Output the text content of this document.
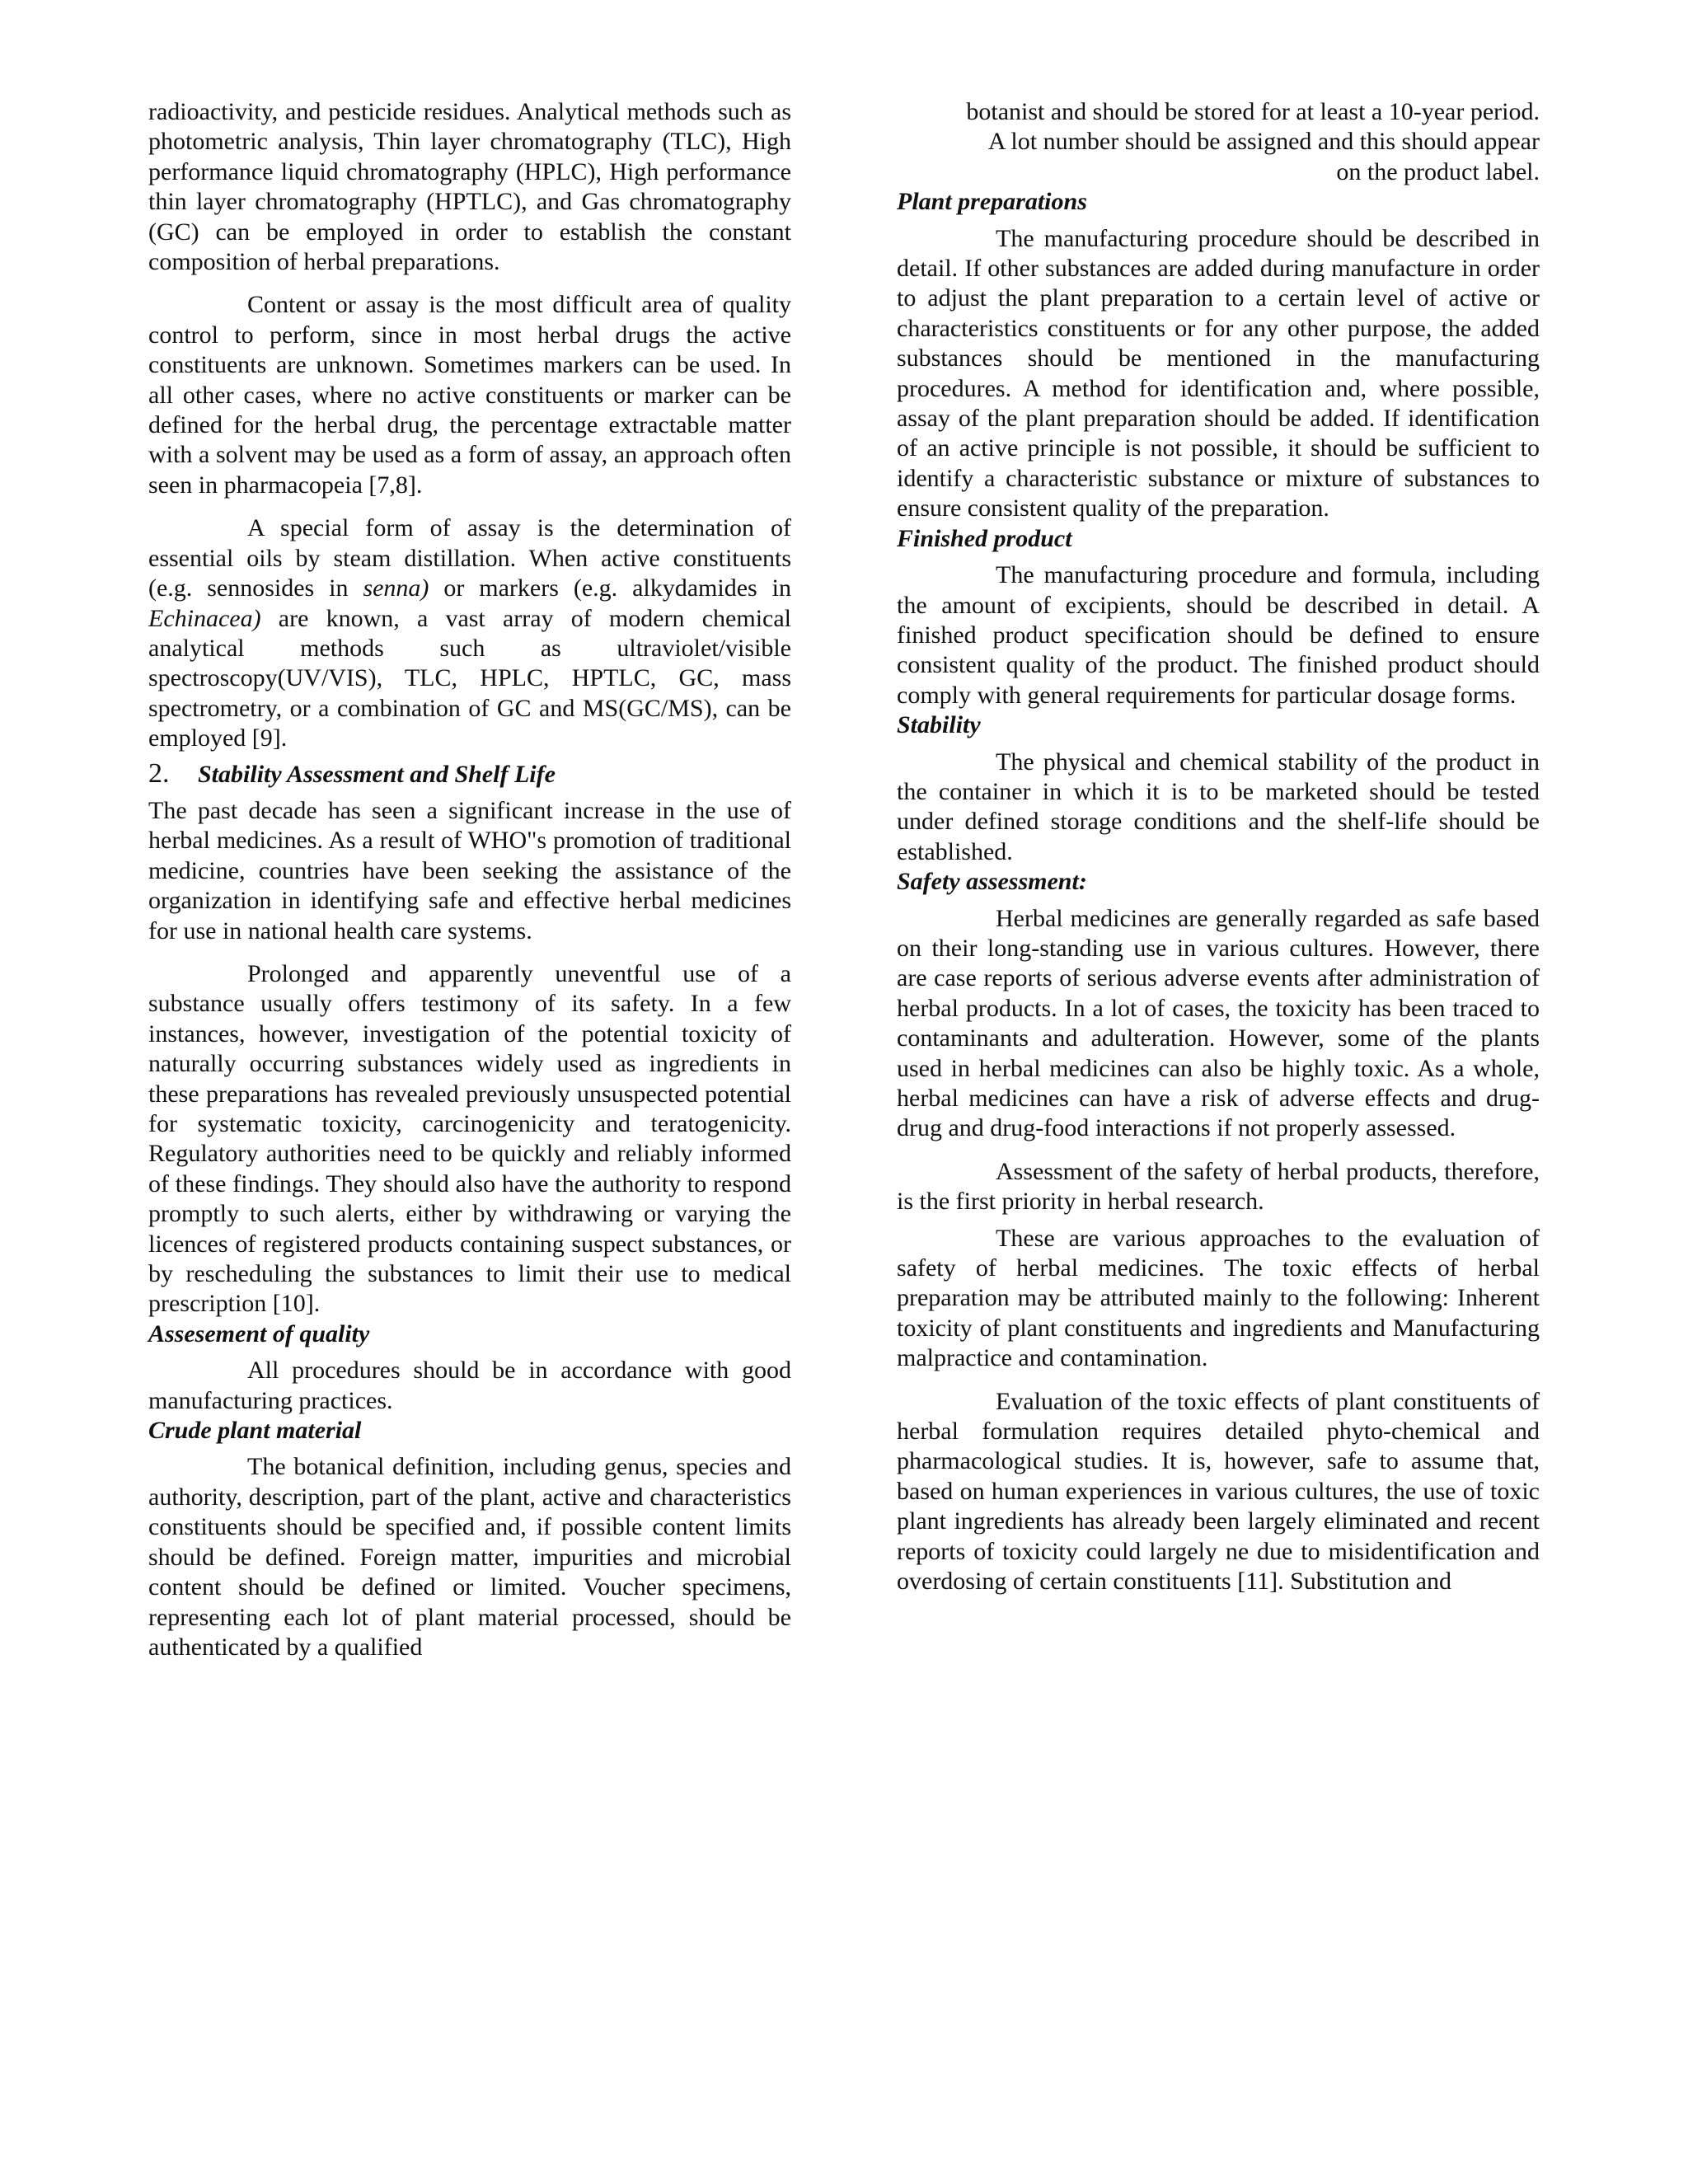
radioactivity, and pesticide residues. Analytical methods such as photometric analysis, Thin layer chromatography (TLC), High performance liquid chromatography (HPLC), High performance thin layer chromatography (HPTLC), and Gas chromatography (GC) can be employed in order to establish the constant composition of herbal preparations.

Content or assay is the most difficult area of quality control to perform, since in most herbal drugs the active constituents are unknown. Sometimes markers can be used. In all other cases, where no active constituents or marker can be defined for the herbal drug, the percentage extractable matter with a solvent may be used as a form of assay, an approach often seen in pharmacopeia [7,8].

A special form of assay is the determination of essential oils by steam distillation. When active constituents (e.g. sennosides in senna) or markers (e.g. alkydamides in Echinacea) are known, a vast array of modern chemical analytical methods such as ultraviolet/visible spectroscopy(UV/VIS), TLC, HPLC, HPTLC, GC, mass spectrometry, or a combination of GC and MS(GC/MS), can be employed [9].

2.	Stability Assessment and Shelf Life

The past decade has seen a significant increase in the use of herbal medicines. As a result of WHO"s promotion of traditional medicine, countries have been seeking the assistance of the organization in identifying safe and effective herbal medicines for use in national health care systems.

Prolonged and apparently uneventful use of a substance usually offers testimony of its safety. In a few instances, however, investigation of the potential toxicity of naturally occurring substances widely used as ingredients in these preparations has revealed previously unsuspected potential for systematic toxicity, carcinogenicity and teratogenicity. Regulatory authorities need to be quickly and reliably informed of these findings. They should also have the authority to respond promptly to such alerts, either by withdrawing or varying the licences of registered products containing suspect substances, or by rescheduling the substances to limit their use to medical prescription [10].

Assesement of quality

All procedures should be in accordance with good manufacturing practices.

Crude plant material

The botanical definition, including genus, species and authority, description, part of the plant, active and characteristics constituents should be specified and, if possible content limits should be defined. Foreign matter, impurities and microbial content should be defined or limited. Voucher specimens, representing each lot of plant material processed, should be authenticated by a qualified

botanist and should be stored for at least a 10-year period.

A lot number should be assigned and this should appear

on the product label.

Plant preparations

The manufacturing procedure should be described in detail. If other substances are added during manufacture in order to adjust the plant preparation to a certain level of active or characteristics constituents or for any other purpose, the added substances should be mentioned in the manufacturing procedures. A method for identification and, where possible, assay of the plant preparation should be added. If identification of an active principle is not possible, it should be sufficient to identify a characteristic substance or mixture of substances to ensure consistent quality of the preparation.

Finished product

The manufacturing procedure and formula, including the amount of excipients, should be described in detail. A finished product specification should be defined to ensure consistent quality of the product. The finished product should comply with general requirements for particular dosage forms.

Stability

The physical and chemical stability of the product in the container in which it is to be marketed should be tested under defined storage conditions and the shelf-life should be established.

Safety assessment:

Herbal medicines are generally regarded as safe based on their long-standing use in various cultures. However, there are case reports of serious adverse events after administration of herbal products. In a lot of cases, the toxicity has been traced to contaminants and adulteration. However, some of the plants used in herbal medicines can also be highly toxic. As a whole, herbal medicines can have a risk of adverse effects and drug-drug and drug-food interactions if not properly assessed.

Assessment of the safety of herbal products, therefore, is the first priority in herbal research.

These are various approaches to the evaluation of safety of herbal medicines. The toxic effects of herbal preparation may be attributed mainly to the following: Inherent toxicity of plant constituents and ingredients and Manufacturing malpractice and contamination.

Evaluation of the toxic effects of plant constituents of herbal formulation requires detailed phyto-chemical and pharmacological studies. It is, however, safe to assume that, based on human experiences in various cultures, the use of toxic plant ingredients has already been largely eliminated and recent reports of toxicity could largely ne due to misidentification and overdosing of certain constituents [11]. Substitution and
